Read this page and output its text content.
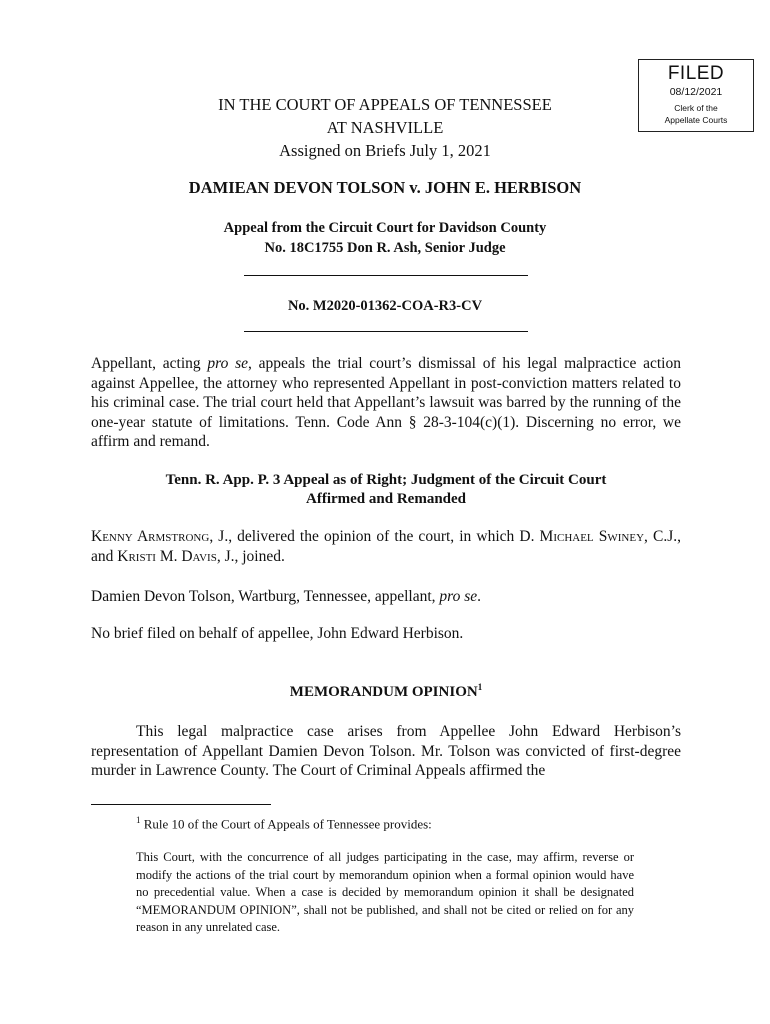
FILED
08/12/2021
Clerk of the
Appellate Courts
IN THE COURT OF APPEALS OF TENNESSEE
AT NASHVILLE
Assigned on Briefs July 1, 2021
DAMIEAN DEVON TOLSON v. JOHN E. HERBISON
Appeal from the Circuit Court for Davidson County
No. 18C1755 Don R. Ash, Senior Judge
No. M2020-01362-COA-R3-CV
Appellant, acting pro se, appeals the trial court’s dismissal of his legal malpractice action against Appellee, the attorney who represented Appellant in post-conviction matters related to his criminal case. The trial court held that Appellant’s lawsuit was barred by the running of the one-year statute of limitations. Tenn. Code Ann § 28-3-104(c)(1). Discerning no error, we affirm and remand.
Tenn. R. App. P. 3 Appeal as of Right; Judgment of the Circuit Court
Affirmed and Remanded
Kenny Armstrong, J., delivered the opinion of the court, in which D. Michael Swiney, C.J., and Kristi M. Davis, J., joined.
Damien Devon Tolson, Wartburg, Tennessee, appellant, pro se.
No brief filed on behalf of appellee, John Edward Herbison.
MEMORANDUM OPINION$^1$
This legal malpractice case arises from Appellee John Edward Herbison’s representation of Appellant Damien Devon Tolson. Mr. Tolson was convicted of first-degree murder in Lawrence County. The Court of Criminal Appeals affirmed the
$^1$ Rule 10 of the Court of Appeals of Tennessee provides:
This Court, with the concurrence of all judges participating in the case, may affirm, reverse or modify the actions of the trial court by memorandum opinion when a formal opinion would have no precedential value. When a case is decided by memorandum opinion it shall be designated “MEMORANDUM OPINION”, shall not be published, and shall not be cited or relied on for any reason in any unrelated case.
